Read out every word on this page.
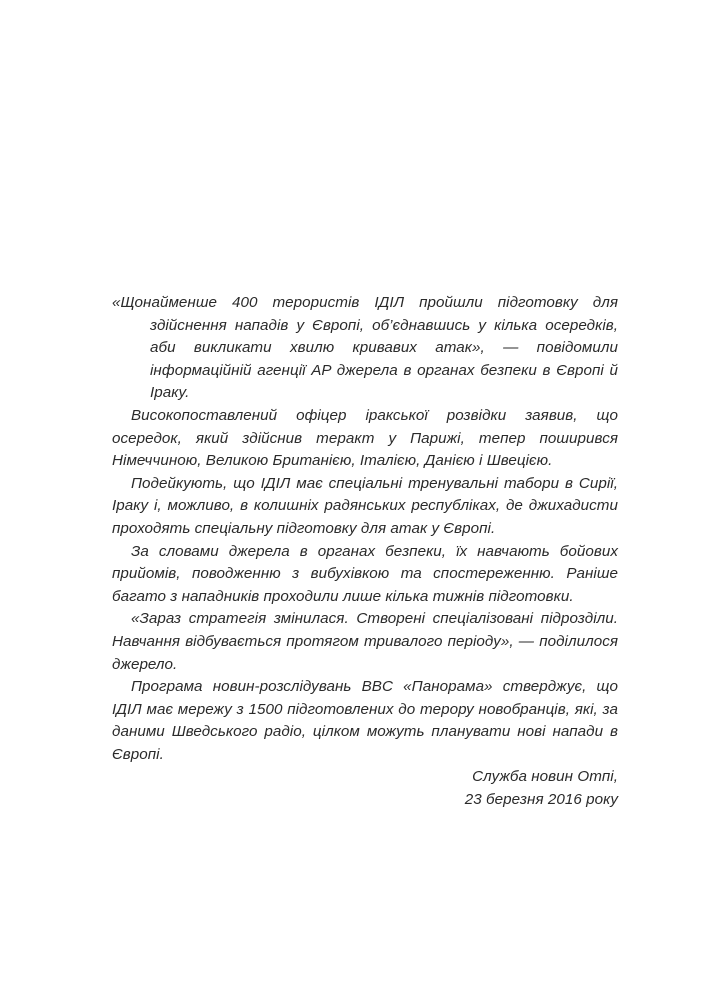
«Щонайменше 400 терористів ІДІЛ пройшли підготовку для здійснення нападів у Європі, об’єднавшись у кілька осередків, аби викликати хвилю кривавих атак», — повідомили інформаційній агенції AP джерела в органах безпеки в Європі й Іраку.

Високопоставлений офіцер іракської розвідки заявив, що осередок, який здійснив теракт у Парижі, тепер поширився Німеччиною, Великою Британією, Італією, Данією і Швецією.

Подейкують, що ІДІЛ має спеціальні тренувальні табори в Сирії, Іраку і, можливо, в колишніх радянських республіках, де джихадисти проходять спеціальну підготовку для атак у Європі.

За словами джерела в органах безпеки, їх навчають бойових прийомів, поводженню з вибухівкою та спостереженню. Раніше багато з нападників проходили лише кілька тижнів підготовки.

«Зараз стратегія змінилася. Створені спеціалізовані підрозділи. Навчання відбувається протягом тривалого періоду», — поділилося джерело.

Програма новин-розслідувань BBC «Панорама» стверджує, що ІДІЛ має мережу з 1500 підготовлених до терору новобранців, які, за даними Шведського радіо, цілком можуть планувати нові напади в Європі.

Служба новин Отпі,

23 березня 2016 року
